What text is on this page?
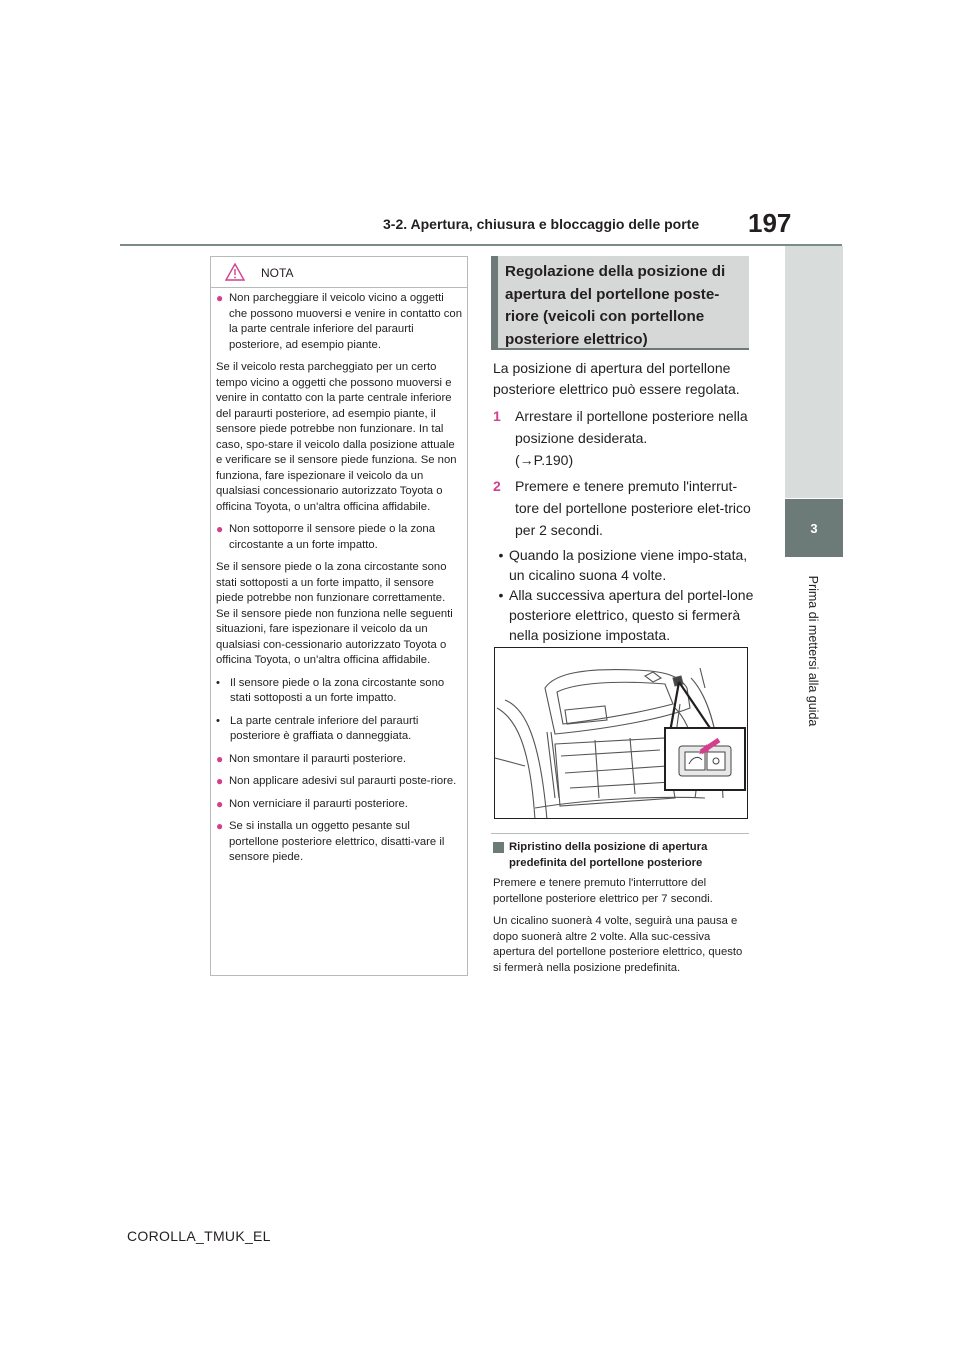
3-2. Apertura, chiusura e bloccaggio delle porte 197
3
Prima di mettersi alla guida
NOTA
● Non parcheggiare il veicolo vicino a oggetti che possono muoversi e venire in contatto con la parte centrale inferiore del paraurti posteriore, ad esempio piante.

Se il veicolo resta parcheggiato per un certo tempo vicino a oggetti che possono muoversi e venire in contatto con la parte centrale inferiore del paraurti posteriore, ad esempio piante, il sensore piede potrebbe non funzionare. In tal caso, spo-stare il veicolo dalla posizione attuale e verificare se il sensore piede funziona. Se non funziona, fare ispezionare il veicolo da un qualsiasi concessionario autorizzato Toyota o officina Toyota, o un'altra officina affidabile.

● Non sottoporre il sensore piede o la zona circostante a un forte impatto.

Se il sensore piede o la zona circostante sono stati sottoposti a un forte impatto, il sensore piede potrebbe non funzionare correttamente. Se il sensore piede non funziona nelle seguenti situazioni, fare ispezionare il veicolo da un qualsiasi con-cessionario autorizzato Toyota o officina Toyota, o un'altra officina affidabile.

• Il sensore piede o la zona circostante sono stati sottoposti a un forte impatto.
• La parte centrale inferiore del paraurti posteriore è graffiata o danneggiata.
● Non smontare il paraurti posteriore.
● Non applicare adesivi sul paraurti poste-riore.
● Non verniciare il paraurti posteriore.
● Se si installa un oggetto pesante sul portellone posteriore elettrico, disatti-vare il sensore piede.
Regolazione della posizione di apertura del portellone poste-riore (veicoli con portellone posteriore elettrico)

La posizione di apertura del portellone posteriore elettrico può essere regolata.

1	Arrestare il portellone posteriore nella posizione desiderata.
(→P.190)
2	Premere e tenere premuto l'interrut-tore del portellone posteriore elet-trico per 2 secondi.
• Quando la posizione viene impo-stata, un cicalino suona 4 volte.
• Alla successiva apertura del portel-lone posteriore elettrico, questo si fermerà nella posizione impostata.
Ripristino della posizione di apertura predefinita del portellone posteriore

Premere e tenere premuto l'interruttore del portellone posteriore elettrico per 7 secondi.

Un cicalino suonerà 4 volte, seguirà una pausa e dopo suonerà altre 2 volte. Alla suc-cessiva apertura del portellone posteriore elettrico, questo si fermerà nella posizione predefinita.

COROLLA_TMUK_EL
